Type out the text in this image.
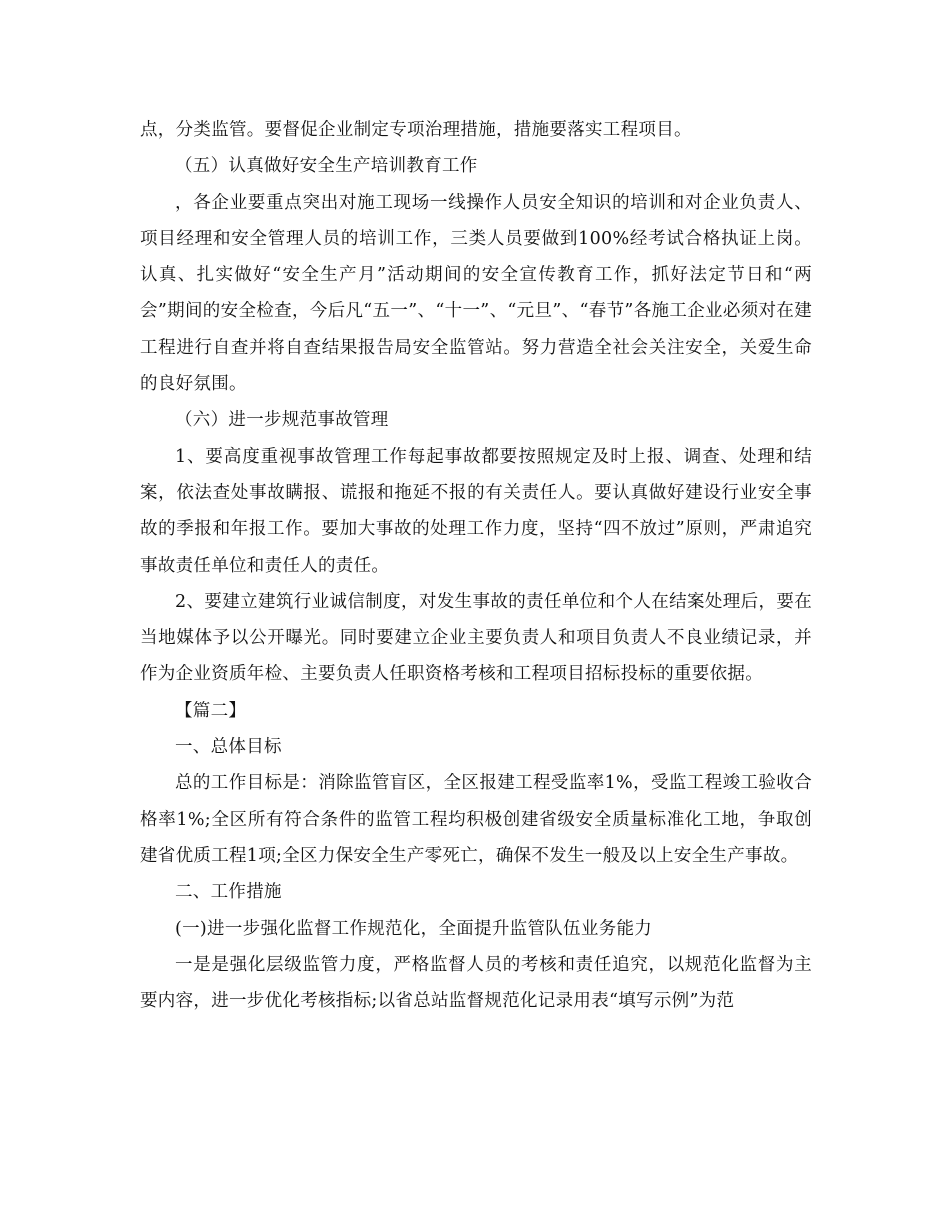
点，分类监管。要督促企业制定专项治理措施，措施要落实工程项目。

（五）认真做好安全生产培训教育工作

，各企业要重点突出对施工现场一线操作人员安全知识的培训和对企业负责人、项目经理和安全管理人员的培训工作，三类人员要做到100%经考试合格执证上岗。认真、扎实做好“安全生产月”活动期间的安全宣传教育工作，抓好法定节日和“两会”期间的安全检查，今后凡“五一”、“十一”、“元旦”、“春节”各施工企业必须对在建工程进行自查并将自查结果报告局安全监管站。努力营造全社会关注安全，关爱生命的良好氛围。

（六）进一步规范事故管理

1、要高度重视事故管理工作每起事故都要按照规定及时上报、调查、处理和结案，依法查处事故瞒报、谎报和拖延不报的有关责任人。要认真做好建设行业安全事故的季报和年报工作。要加大事故的处理工作力度，坚持“四不放过”原则，严肃追究事故责任单位和责任人的责任。

2、要建立建筑行业诚信制度，对发生事故的责任单位和个人在结案处理后，要在当地媒体予以公开曝光。同时要建立企业主要负责人和项目负责人不良业绩记录，并作为企业资质年检、主要负责人任职资格考核和工程项目招标投标的重要依据。

【篇二】

一、总体目标

总的工作目标是：消除监管盲区，全区报建工程受监率1%，受监工程竣工验收合格率1%;全区所有符合条件的监管工程均积极创建省级安全质量标准化工地，争取创建省优质工程1项;全区力保安全生产零死亡，确保不发生一般及以上安全生产事故。

二、工作措施

(一)进一步强化监督工作规范化，全面提升监管队伍业务能力

一是是强化层级监管力度，严格监督人员的考核和责任追究，以规范化监督为主要内容，进一步优化考核指标;以省总站监督规范化记录用表“填写示例”为范
